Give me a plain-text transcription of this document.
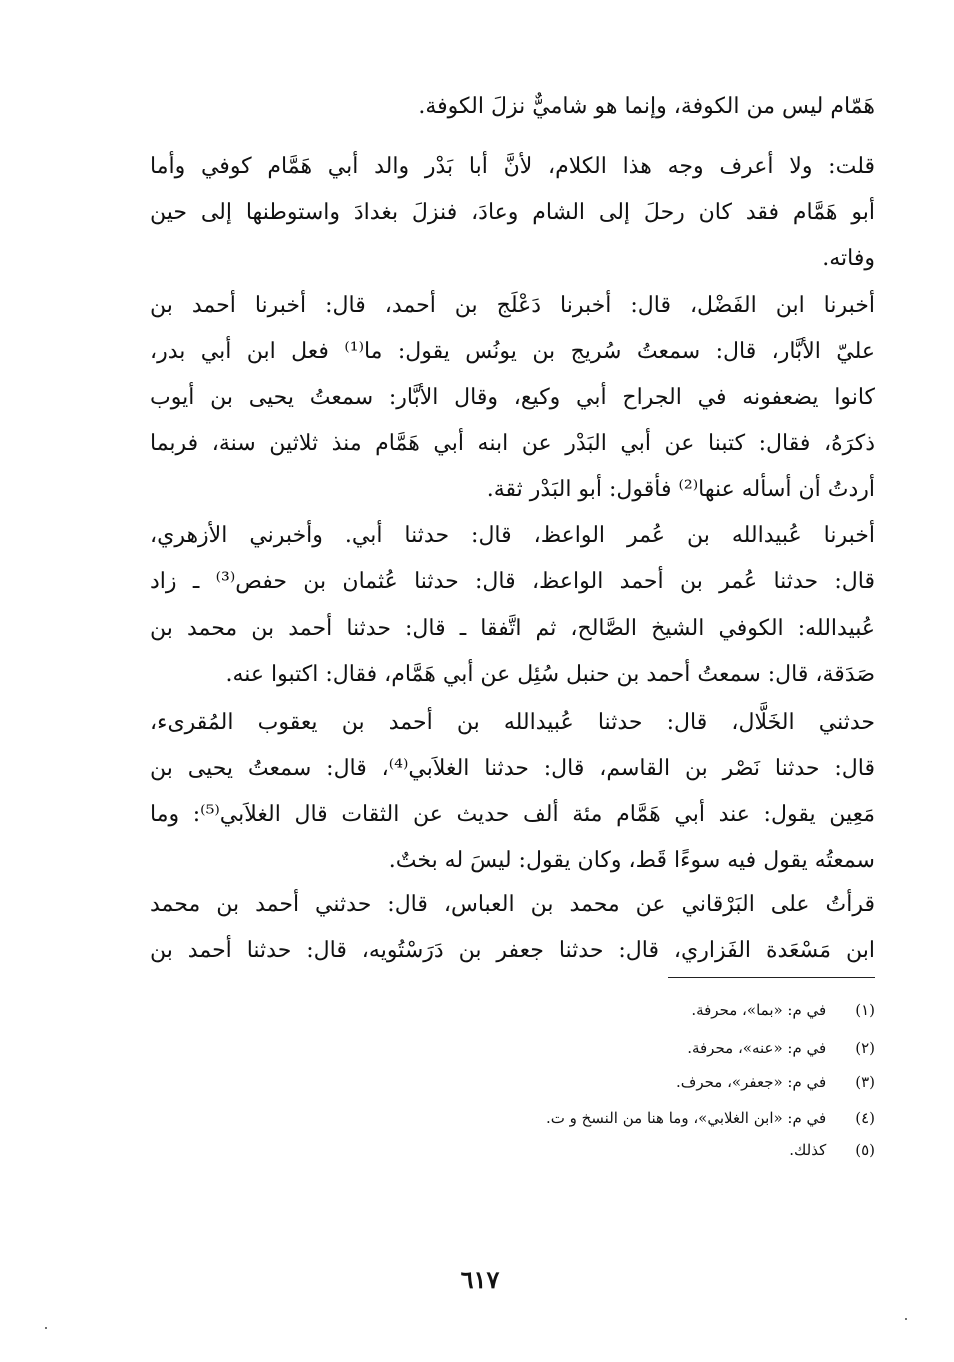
هَمّام ليس من الكوفة، وإنما هو شاميٌّ نزلَ الكوفة.
قلت: ولا أعرف وجه هذا الكلام، لأنَّ أبا بَدْر والد أبي هَمَّام كوفي وأما
أبو هَمَّام فقد كان رحلَ إلى الشام وعادَ، فنزلَ بغدادَ واستوطنها إلى حين
وفاته.
أخبرنا ابن الفَضْل، قال: أخبرنا دَعْلَج بن أحمد، قال: أخبرنا أحمد بن
عليّ الأبَّار، قال: سمعتُ سُريج بن يونُس يقول: ما⁽¹⁾ فعل ابن أبي بدر،
كانوا يضعفونه في الجراح أبي وكيع، وقال الأبَّار: سمعتُ يحيى بن أيوب
ذكرَهُ، فقال: كتبنا عن أبي البَدْر عن ابنه أبي هَمَّام منذ ثلاثين سنة، فربما
أردتُ أن أسأله عنها⁽²⁾ فأقول: أبو البَدْر ثقة.
أخبرنا عُبيدالله بن عُمر الواعظ، قال: حدثنا أبي. وأخبرني الأزهري،
قال: حدثنا عُمر بن أحمد الواعظ، قال: حدثنا عُثمان بن حفص⁽³⁾ ـ زاد
عُبيدالله: الكوفي الشيخ الصَّالح، ثم اتَّفقا ـ قال: حدثنا أحمد بن محمد بن
صَدَقة، قال: سمعتُ أحمد بن حنبل سُئِل عن أبي هَمَّام، فقال: اكتبوا عنه.
حدثني الخَلَّال، قال: حدثنا عُبيدالله بن أحمد بن يعقوب المُقرىء،
قال: حدثنا نَصْر بن القاسم، قال: حدثنا الغلاَبي⁽⁴⁾، قال: سمعتُ يحيى بن
مَعِين يقول: عند أبي هَمَّام مئة ألف حديث عن الثقات قال الغلاَبي⁽⁵⁾: وما
سمعتُه يقول فيه سوءًا قَط، وكان يقول: ليسَ له بختٌ.
قرأتُ على البَرْقاني عن محمد بن العباس، قال: حدثني أحمد بن محمد
ابن مَسْعَدة الفَزاري، قال: حدثنا جعفر بن دَرَسْتُويه، قال: حدثنا أحمد بن
(١) في م: «بما»، محرفة.
(٢) في م: «عنه»، محرفة.
(٣) في م: «جعفر»، محرف.
(٤) في م: «ابن الغلابي»، وما هنا من النسخ و ت.
(٥) كذلك.
٦١٧
